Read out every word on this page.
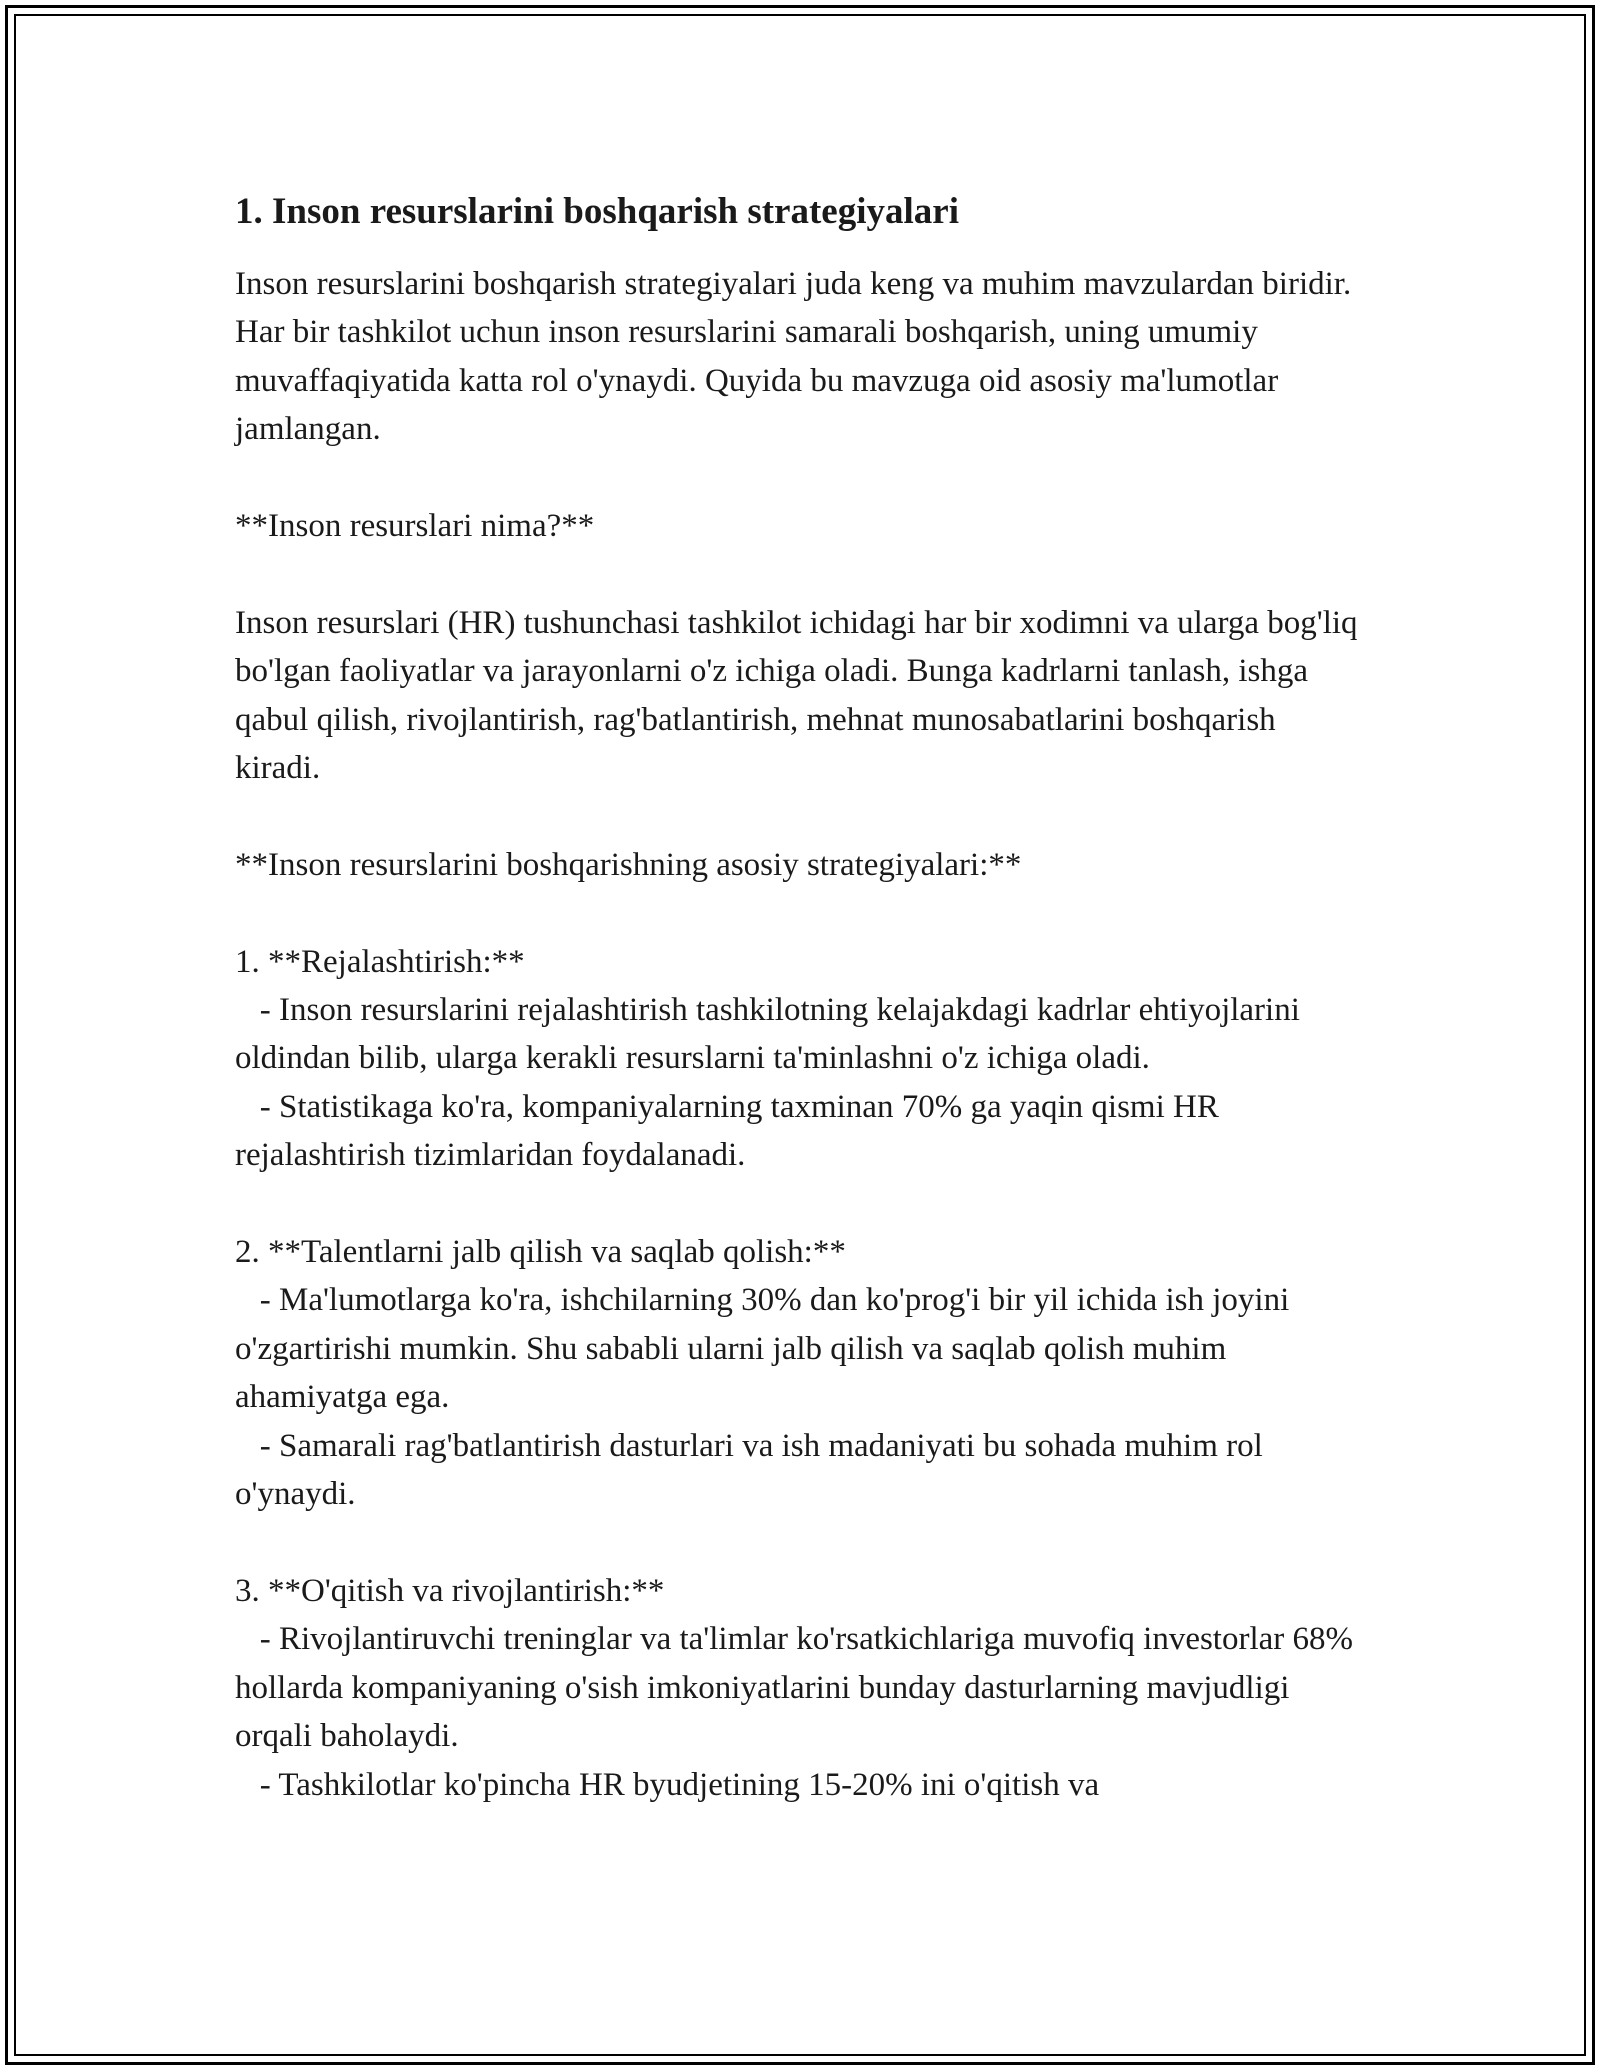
1. Inson resurslarini boshqarish strategiyalari

Inson resurslarini boshqarish strategiyalari juda keng va muhim mavzulardan biridir. Har bir tashkilot uchun inson resurslarini samarali boshqarish, uning umumiy muvaffaqiyatida katta rol o'ynaydi. Quyida bu mavzuga oid asosiy ma'lumotlar jamlangan.

**Inson resurslari nima?**

Inson resurslari (HR) tushunchasi tashkilot ichidagi har bir xodimni va ularga bog'liq bo'lgan faoliyatlar va jarayonlarni o'z ichiga oladi. Bunga kadrlarni tanlash, ishga qabul qilish, rivojlantirish, rag'batlantirish, mehnat munosabatlarini boshqarish kiradi.

**Inson resurslarini boshqarishning asosiy strategiyalari:**

1. **Rejalashtirish:**

- Inson resurslarini rejalashtirish tashkilotning kelajakdagi kadrlar ehtiyojlarini oldindan bilib, ularga kerakli resurslarni ta'minlashni o'z ichiga oladi.

- Statistikaga ko'ra, kompaniyalarning taxminan 70% ga yaqin qismi HR rejalashtirish tizimlaridan foydalanadi.

2. **Talentlarni jalb qilish va saqlab qolish:**

- Ma'lumotlarga ko'ra, ishchilarning 30% dan ko'prog'i bir yil ichida ish joyini o'zgartirishi mumkin. Shu sababli ularni jalb qilish va saqlab qolish muhim ahamiyatga ega.

- Samarali rag'batlantirish dasturlari va ish madaniyati bu sohada muhim rol o'ynaydi.

3. **O'qitish va rivojlantirish:**

- Rivojlantiruvchi treninglar va ta'limlar ko'rsatkichlariga muvofiq investorlar 68% hollarda kompaniyaning o'sish imkoniyatlarini bunday dasturlarning mavjudligi orqali baholaydi.

- Tashkilotlar ko'pincha HR byudjetining 15-20% ini o'qitish va
